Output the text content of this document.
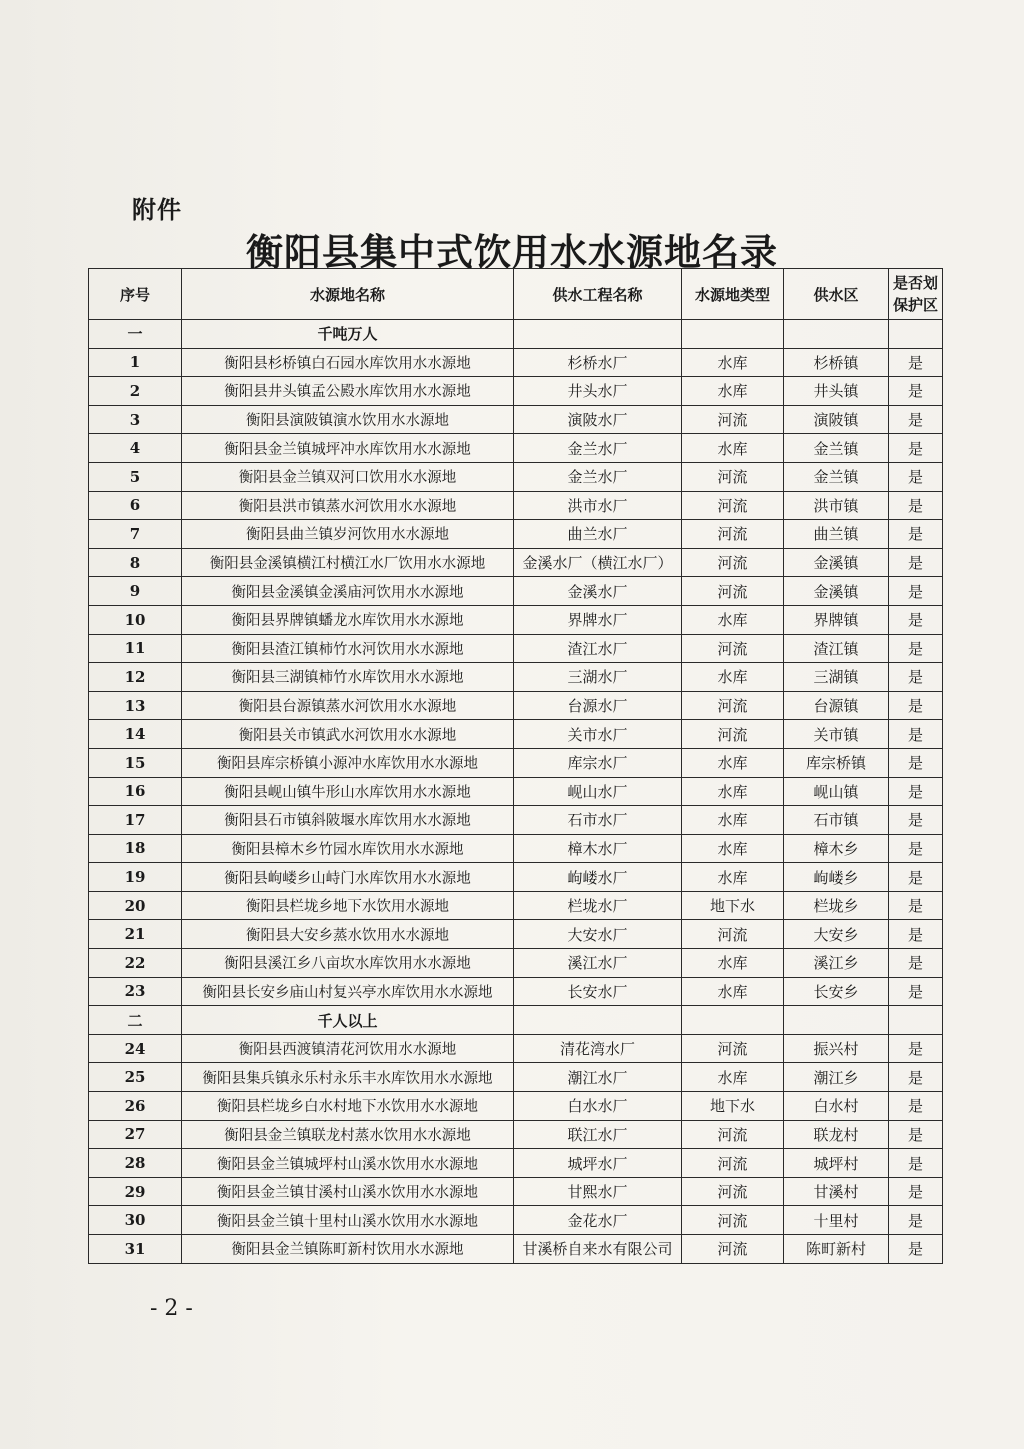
附件
衡阳县集中式饮用水水源地名录
序号	水源地名称	供水工程名称	水源地类型	供水区	是否划保护区
一	千吨万人				
1	衡阳县杉桥镇白石园水库饮用水水源地	杉桥水厂	水库	杉桥镇	是
2	衡阳县井头镇孟公殿水库饮用水水源地	井头水厂	水库	井头镇	是
3	衡阳县演陂镇演水饮用水水源地	演陂水厂	河流	演陂镇	是
4	衡阳县金兰镇城坪冲水库饮用水水源地	金兰水厂	水库	金兰镇	是
5	衡阳县金兰镇双河口饮用水水源地	金兰水厂	河流	金兰镇	是
6	衡阳县洪市镇蒸水河饮用水水源地	洪市水厂	河流	洪市镇	是
7	衡阳县曲兰镇岁河饮用水水源地	曲兰水厂	河流	曲兰镇	是
8	衡阳县金溪镇横江村横江水厂饮用水水源地	金溪水厂（横江水厂）	河流	金溪镇	是
9	衡阳县金溪镇金溪庙河饮用水水源地	金溪水厂	河流	金溪镇	是
10	衡阳县界牌镇蟠龙水库饮用水水源地	界牌水厂	水库	界牌镇	是
11	衡阳县渣江镇柿竹水河饮用水水源地	渣江水厂	河流	渣江镇	是
12	衡阳县三湖镇柿竹水库饮用水水源地	三湖水厂	水库	三湖镇	是
13	衡阳县台源镇蒸水河饮用水水源地	台源水厂	河流	台源镇	是
14	衡阳县关市镇武水河饮用水水源地	关市水厂	河流	关市镇	是
15	衡阳县库宗桥镇小源冲水库饮用水水源地	库宗水厂	水库	库宗桥镇	是
16	衡阳县岘山镇牛形山水库饮用水水源地	岘山水厂	水库	岘山镇	是
17	衡阳县石市镇斜陂堰水库饮用水水源地	石市水厂	水库	石市镇	是
18	衡阳县樟木乡竹园水库饮用水水源地	樟木水厂	水库	樟木乡	是
19	衡阳县岣嵝乡山峙门水库饮用水水源地	岣嵝水厂	水库	岣嵝乡	是
20	衡阳县栏垅乡地下水饮用水源地	栏垅水厂	地下水	栏垅乡	是
21	衡阳县大安乡蒸水饮用水水源地	大安水厂	河流	大安乡	是
22	衡阳县溪江乡八亩坎水库饮用水水源地	溪江水厂	水库	溪江乡	是
23	衡阳县长安乡庙山村复兴亭水库饮用水水源地	长安水厂	水库	长安乡	是
二	千人以上				
24	衡阳县西渡镇清花河饮用水水源地	清花湾水厂	河流	振兴村	是
25	衡阳县集兵镇永乐村永乐丰水库饮用水水源地	潮江水厂	水库	潮江乡	是
26	衡阳县栏垅乡白水村地下水饮用水水源地	白水水厂	地下水	白水村	是
27	衡阳县金兰镇联龙村蒸水饮用水水源地	联江水厂	河流	联龙村	是
28	衡阳县金兰镇城坪村山溪水饮用水水源地	城坪水厂	河流	城坪村	是
29	衡阳县金兰镇甘溪村山溪水饮用水水源地	甘熙水厂	河流	甘溪村	是
30	衡阳县金兰镇十里村山溪水饮用水水源地	金花水厂	河流	十里村	是
31	衡阳县金兰镇陈町新村饮用水水源地	甘溪桥自来水有限公司	河流	陈町新村	是
- 2 -
